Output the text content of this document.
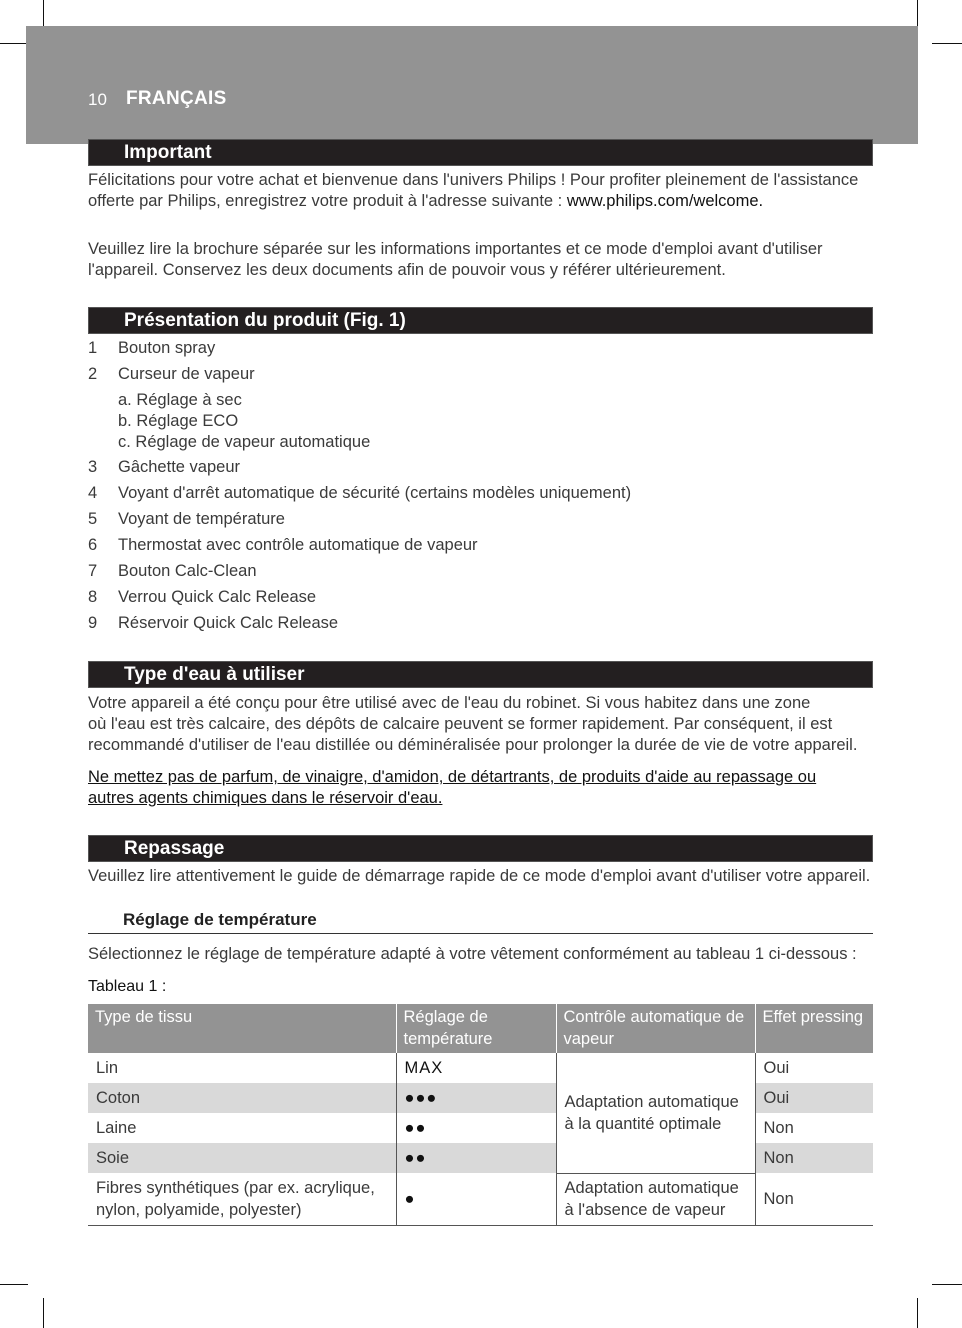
10 FRANÇAIS
Important
Félicitations pour votre achat et bienvenue dans l'univers Philips ! Pour profiter pleinement de l'assistance offerte par Philips, enregistrez votre produit à l'adresse suivante : www.philips.com/welcome.
Veuillez lire la brochure séparée sur les informations importantes et ce mode d'emploi avant d'utiliser l'appareil. Conservez les deux documents afin de pouvoir vous y référer ultérieurement.
Présentation du produit (Fig. 1)
1	Bouton spray
2	Curseur de vapeur
a. Réglage à sec
b. Réglage ECO
c. Réglage de vapeur automatique
3	Gâchette vapeur
4	Voyant d'arrêt automatique de sécurité (certains modèles uniquement)
5	Voyant de température
6	Thermostat avec contrôle automatique de vapeur
7	Bouton Calc-Clean
8	Verrou Quick Calc Release
9	Réservoir Quick Calc Release
Type d'eau à utiliser
Votre appareil a été conçu pour être utilisé avec de l'eau du robinet. Si vous habitez dans une zone
où l'eau est très calcaire, des dépôts de calcaire peuvent se former rapidement. Par conséquent, il est recommandé d'utiliser de l'eau distillée ou déminéralisée pour prolonger la durée de vie de votre appareil.
Ne mettez pas de parfum, de vinaigre, d'amidon, de détartrants, de produits d'aide au repassage ou autres agents chimiques dans le réservoir d'eau.
Repassage
Veuillez lire attentivement le guide de démarrage rapide de ce mode d'emploi avant d'utiliser votre appareil.
Réglage de température
Sélectionnez le réglage de température adapté à votre vêtement conformément au tableau 1 ci-dessous :
Tableau 1 :
Type de tissu	Réglage de température	Contrôle automatique de vapeur	Effet pressing
Lin	MAX	Adaptation automatique à la quantité optimale	Oui
Coton	●●●		Oui
Laine	●●		Non
Soie	●●		Non
Fibres synthétiques (par ex. acrylique, nylon, polyamide, polyester)	●	Adaptation automatique à l'absence de vapeur	Non
